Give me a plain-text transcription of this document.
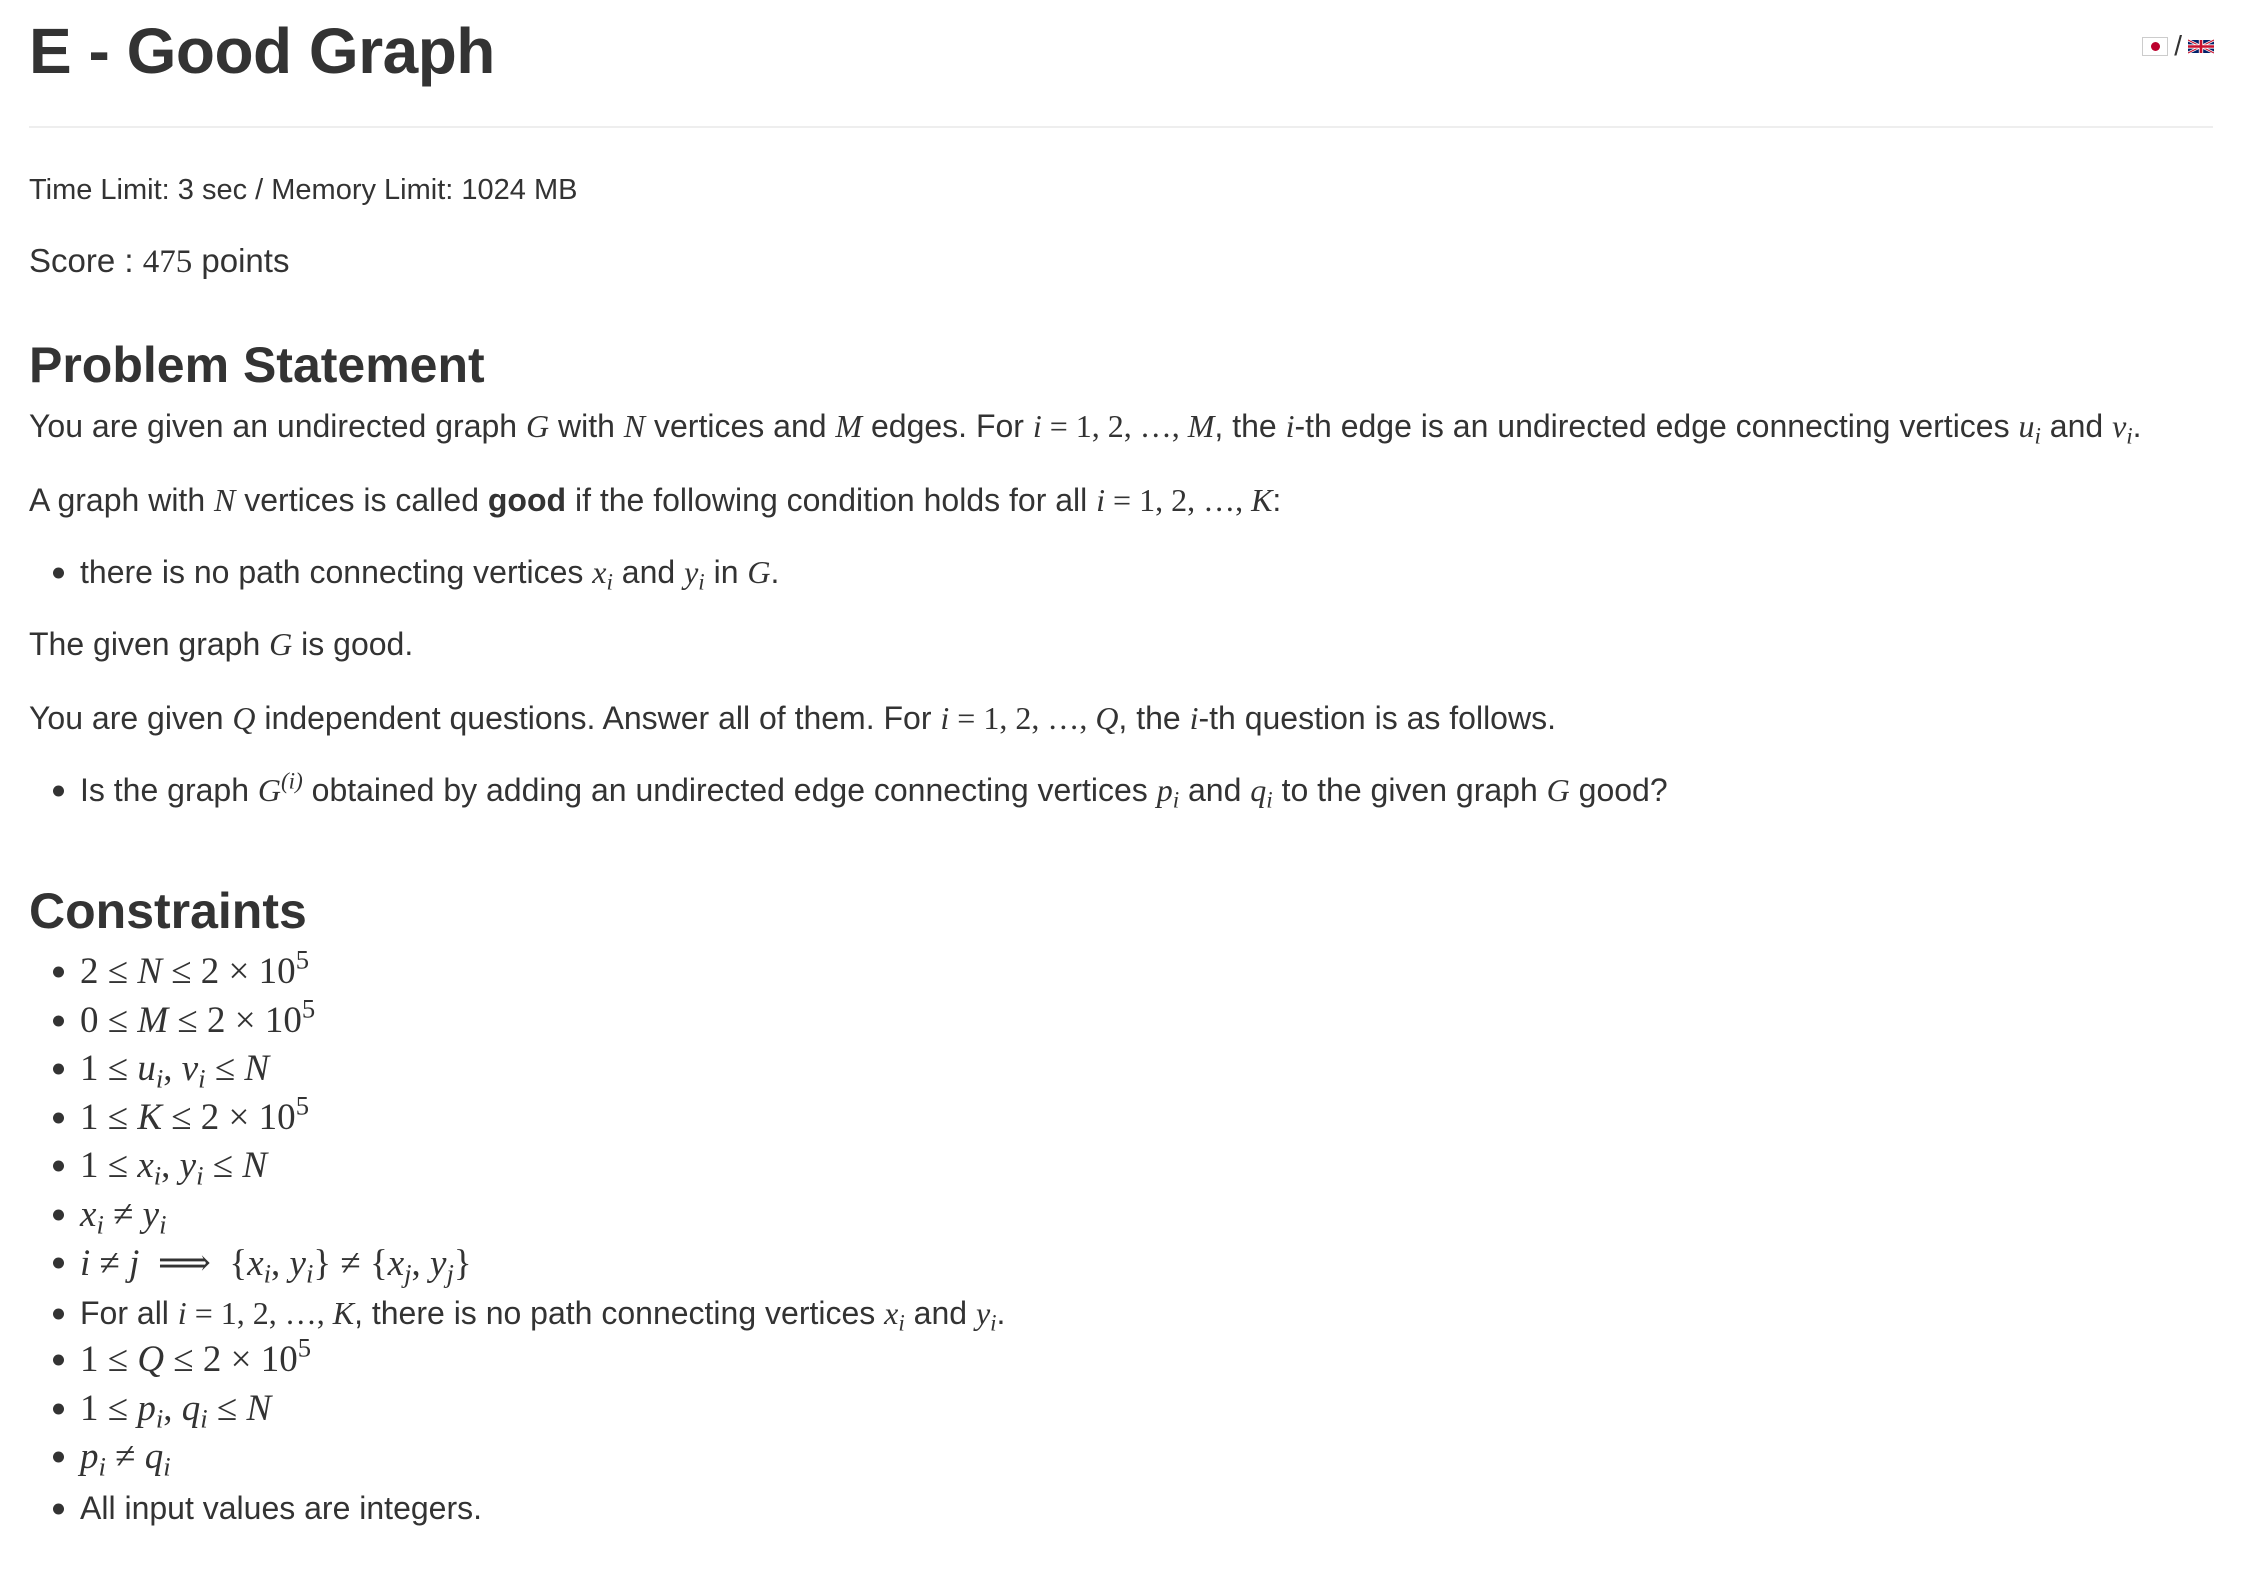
E - Good Graph	/
Time Limit: 3 sec / Memory Limit: 1024 MB
Score : 475 points
Problem Statement
You are given an undirected graph G with N vertices and M edges. For i = 1, 2, …, M, the i-th edge is an undirected edge connecting vertices $u_i$ and $v_i$.
A graph with N vertices is called good if the following condition holds for all i = 1, 2, …, K:
there is no path connecting vertices $x_i$ and $y_i$ in G.
The given graph G is good.
You are given Q independent questions. Answer all of them. For i = 1, 2, …, Q, the i-th question is as follows.
Is the graph $G^{(i)}$ obtained by adding an undirected edge connecting vertices $p_i$ and $q_i$ to the given graph G good?
Constraints
$2 \le N \le 2 \times 10^5$
$0 \le M \le 2 \times 10^5$
$1 \le u_i$, $v_i \le N$
$1 \le K \le 2 \times 10^5$
$1 \le x_i$, $y_i \le N$
$x_i \ne y_i$
i ≠ j  ⟹  {$x_i$, $y_i\} \ne \{x_j$, $y_j$}
For all i = 1, 2, …, K, there is no path connecting vertices $x_i$ and $y_i$.
$1 \le Q \le 2 \times 10^5$
$1 \le p_i$, $q_i \le N$
$p_i \ne q_i$
All input values are integers.
